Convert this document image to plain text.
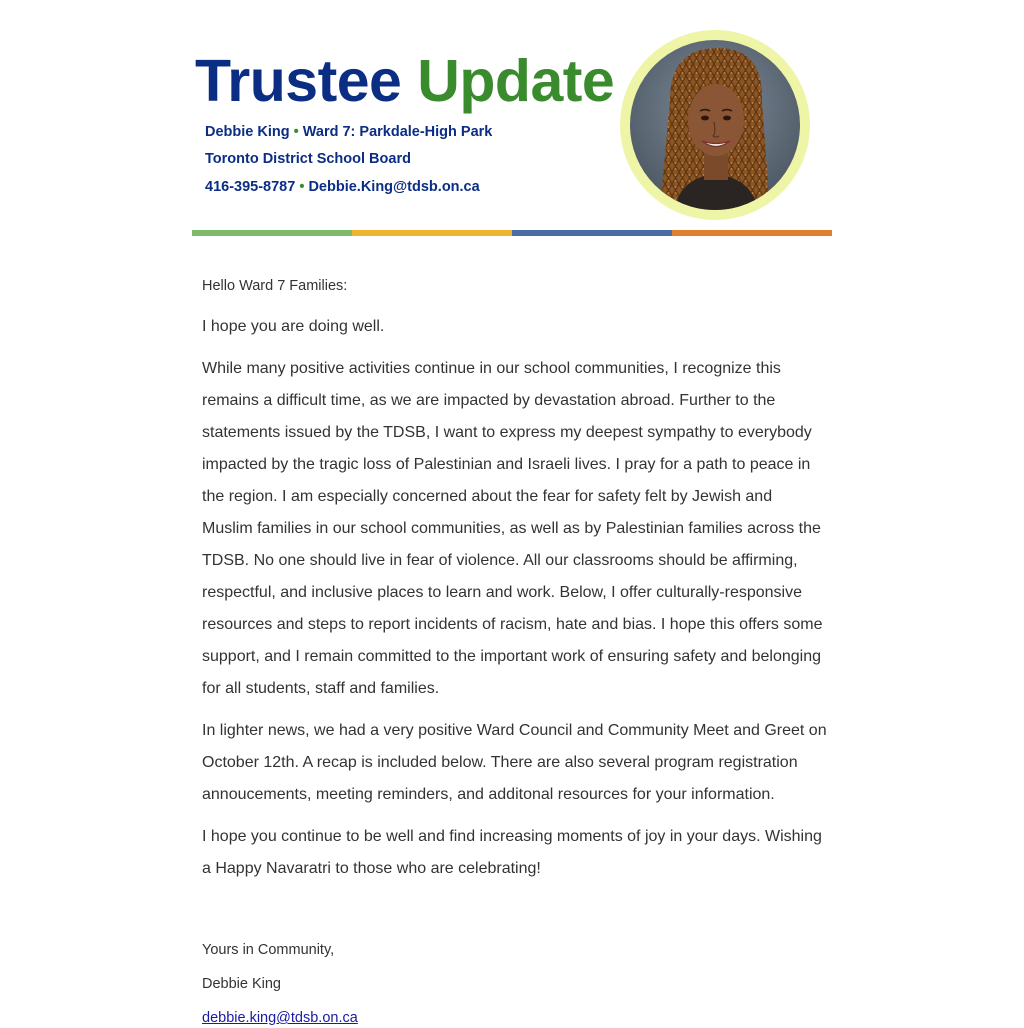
Trustee Update
Debbie King • Ward 7: Parkdale-High Park
Toronto District School Board
416-395-8787 • Debbie.King@tdsb.on.ca
Hello Ward 7 Families:

I hope you are doing well.

While many positive activities continue in our school communities, I recognize this remains a difficult time, as we are impacted by devastation abroad. Further to the statements issued by the TDSB, I want to express my deepest sympathy to everybody impacted by the tragic loss of Palestinian and Israeli lives. I pray for a path to peace in the region. I am especially concerned about the fear for safety felt by Jewish and Muslim families in our school communities, as well as by Palestinian families across the TDSB. No one should live in fear of violence. All our classrooms should be affirming, respectful, and inclusive places to learn and work. Below, I offer culturally-responsive resources and steps to report incidents of racism, hate and bias. I hope this offers some support, and I remain committed to the important work of ensuring safety and belonging for all students, staff and families.

In lighter news, we had a very positive Ward Council and Community Meet and Greet on October 12th. A recap is included below. There are also several program registration annoucements, meeting reminders, and additonal resources for your information.

I hope you continue to be well and find increasing moments of joy in your days. Wishing a Happy Navaratri to those who are celebrating!

Yours in Community,
Debbie King
debbie.king@tdsb.on.ca
